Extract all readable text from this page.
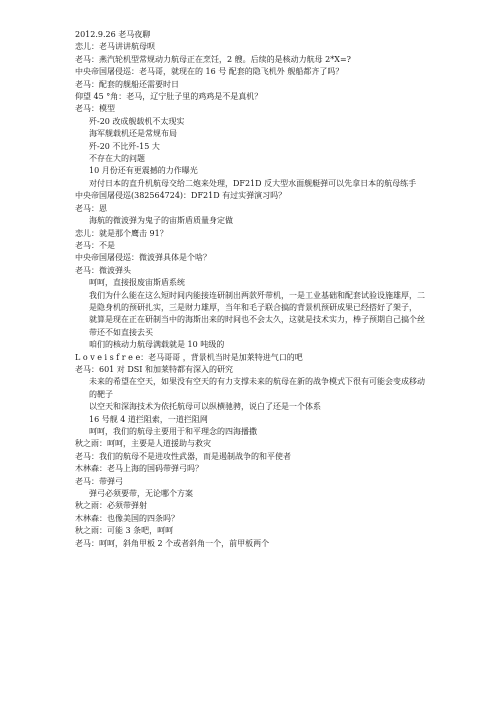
2012.9.26 老马夜聊
恋儿：老马讲讲航母呗
老马：燕汽轮机型常规动力航母正在烹饪，2 艘。后续的是核动力航母 2*X=?
中央帝国屠侵巡：老马哥，就现在的 16 号 配套的隐飞机外 舰船都齐了吗？
老马：配套的舰船还需要时日
仰望 45 °角：老马，辽宁肚子里的鸡鸡是不是真机？
老马：模型
歼-20 改成舰载机不太现实
海军舰载机还是常规布局
歼-20 不比歼-15 大
不存在大的问题
10 月份还有更震撼的力作曝光
对付日本的直升机航母交给二炮来处理，DF21D 反大型水面舰艇弹可以先拿日本的航母练手
中央帝国屠侵巡(382564724)：DF21D 有过实弹演习吗？
老马：恩
海航的微波弹为鬼子的宙斯盾质量身定做
恋儿：就是那个鹰击 91？
老马：不是
中央帝国屠侵巡：微波弹具体是个啥？
老马：微波弹头
呵呵，直接报废宙斯盾系统
我们为什么能在这么短时间内能接连研制出两款歼带机，一是工业基础和配套试验设施雄厚，二是隐身机的预研扎实，三是财力雄厚，当年和毛子联合搞的背景机预研成果已经搭好了架子，
就算是现在正在研制当中的海斯出来的时间也不会太久，这就是技术实力，棒子预期自己搞个丝带还不如直接去买
咱们的核动力航母满载就是 10 吨级的
L o v e i s f r e e：老马哥哥 ，背景机当时是加莱特进气口的吧
老马：601 对 DSI 和加莱特都有深入的研究
未来的希望在空天，如果没有空天的有力支撑未来的航母在新的战争模式下很有可能会变成移动的靶子
以空天和深海技术为依托航母可以纵横驰骋，说白了还是一个体系
16 号舰 4 道拦阻索，一道拦阻网
呵呵，我们的航母主要用于和平理念的四海播撒
秋之雨：呵呵，主要是人道援助与救灾
老马：我们的航母不是进攻性武器，而是遏制战争的和平使者
木林森：老马上海的国码带弹弓吗？
老马：带弹弓
弹弓必须要带，无论哪个方案
秋之雨：必须带弹射
木林森：也像美国的四条吗？
秋之雨：可能 3 条吧，呵呵
老马：呵呵，斜角甲板 2 个或者斜角一个，前甲板两个
